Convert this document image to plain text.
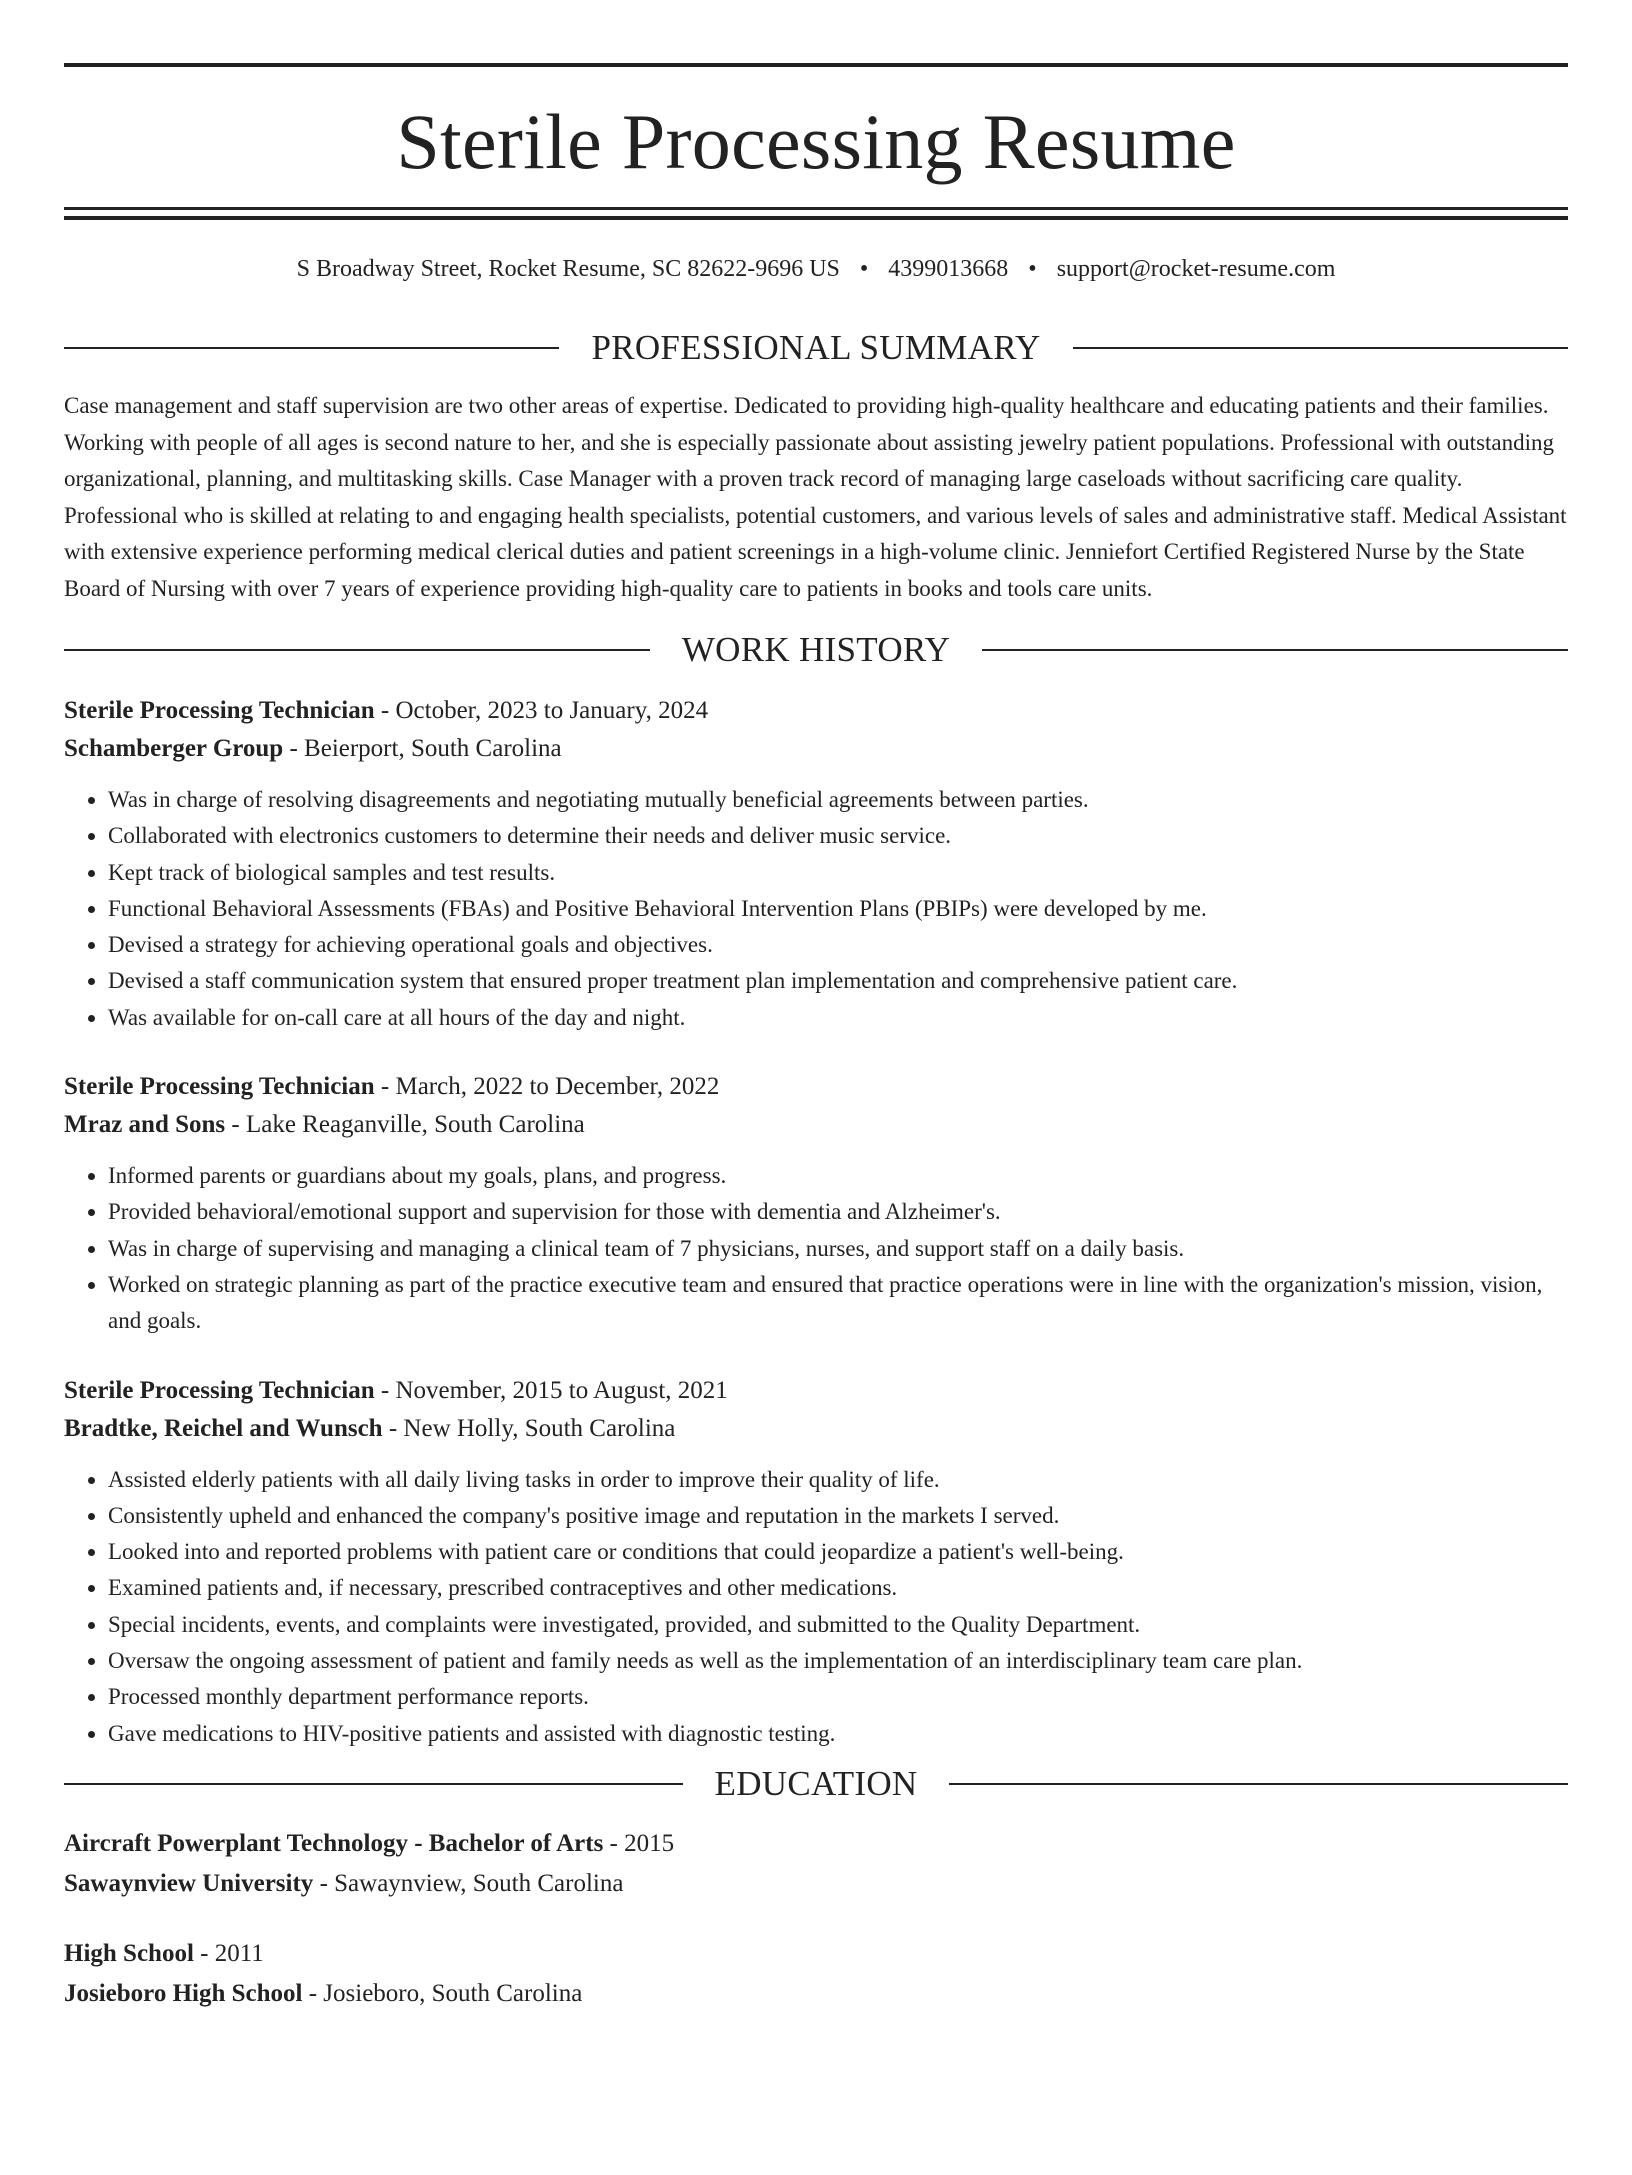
Sterile Processing Resume
S Broadway Street, Rocket Resume, SC 82622-9696 US • 4399013668 • support@rocket-resume.com
PROFESSIONAL SUMMARY

Case management and staff supervision are two other areas of expertise. Dedicated to providing high-quality healthcare and educating patients and their families. Working with people of all ages is second nature to her, and she is especially passionate about assisting jewelry patient populations. Professional with outstanding organizational, planning, and multitasking skills. Case Manager with a proven track record of managing large caseloads without sacrificing care quality. Professional who is skilled at relating to and engaging health specialists, potential customers, and various levels of sales and administrative staff. Medical Assistant with extensive experience performing medical clerical duties and patient screenings in a high-volume clinic. Jenniefort Certified Registered Nurse by the State Board of Nursing with over 7 years of experience providing high-quality care to patients in books and tools care units.

WORK HISTORY
Sterile Processing Technician - October, 2023 to January, 2024
Schamberger Group - Beierport, South Carolina
• Was in charge of resolving disagreements and negotiating mutually beneficial agreements between parties.
• Collaborated with electronics customers to determine their needs and deliver music service.
• Kept track of biological samples and test results.
• Functional Behavioral Assessments (FBAs) and Positive Behavioral Intervention Plans (PBIPs) were developed by me.
• Devised a strategy for achieving operational goals and objectives.
• Devised a staff communication system that ensured proper treatment plan implementation and comprehensive patient care.
• Was available for on-call care at all hours of the day and night.
Sterile Processing Technician - March, 2022 to December, 2022
Mraz and Sons - Lake Reaganville, South Carolina
• Informed parents or guardians about my goals, plans, and progress.
• Provided behavioral/emotional support and supervision for those with dementia and Alzheimer's.
• Was in charge of supervising and managing a clinical team of 7 physicians, nurses, and support staff on a daily basis.
• Worked on strategic planning as part of the practice executive team and ensured that practice operations were in line with the organization's mission, vision, and goals.
Sterile Processing Technician - November, 2015 to August, 2021
Bradtke, Reichel and Wunsch - New Holly, South Carolina
• Assisted elderly patients with all daily living tasks in order to improve their quality of life.
• Consistently upheld and enhanced the company's positive image and reputation in the markets I served.
• Looked into and reported problems with patient care or conditions that could jeopardize a patient's well-being.
• Examined patients and, if necessary, prescribed contraceptives and other medications.
• Special incidents, events, and complaints were investigated, provided, and submitted to the Quality Department.
• Oversaw the ongoing assessment of patient and family needs as well as the implementation of an interdisciplinary team care plan.
• Processed monthly department performance reports.
• Gave medications to HIV-positive patients and assisted with diagnostic testing.
EDUCATION
Aircraft Powerplant Technology - Bachelor of Arts - 2015
Sawaynview University - Sawaynview, South Carolina
High School - 2011
Josieboro High School - Josieboro, South Carolina
